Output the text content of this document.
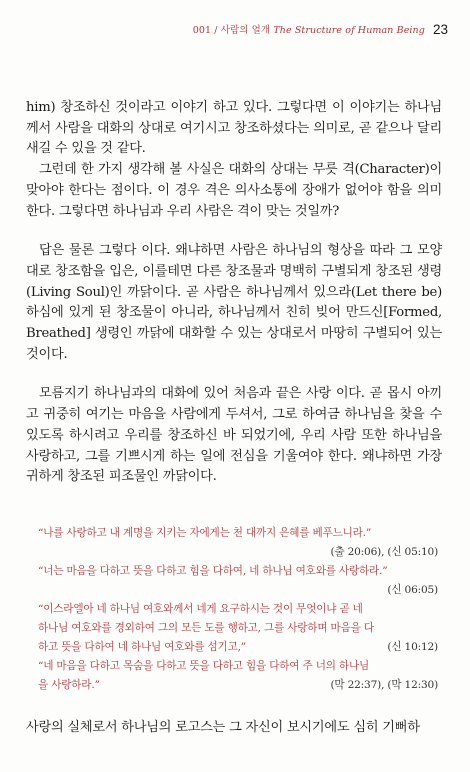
001 / 사람의 얼개 The Structure of Human Being 23

him) 창조하신 것이라고 이야기 하고 있다. 그렇다면 이 이야기는 하나님께서 사람을 대화의 상대로 여기시고 창조하셨다는 의미로, 곧 같으나 달리 새길 수 있을 것 같다.

그런데 한 가지 생각해 볼 사실은 대화의 상대는 무릇 격(Character)이 맞아야 한다는 점이다. 이 경우 격은 의사소통에 장애가 없어야 함을 의미한다. 그렇다면 하나님과 우리 사람은 격이 맞는 것일까?

답은 물론 그렇다 이다. 왜냐하면 사람은 하나님의 형상을 따라 그 모양대로 창조함을 입은, 이를테면 다른 창조물과 명백히 구별되게 창조된 생령(Living Soul)인 까닭이다. 곧 사람은 하나님께서 있으라(Let there be) 하심에 있게 된 창조물이 아니라, 하나님께서 친히 빚어 만드신[Formed, Breathed] 생령인 까닭에 대화할 수 있는 상대로서 마땅히 구별되어 있는 것이다.

모름지기 하나님과의 대화에 있어 처음과 끝은 사랑 이다. 곧 몹시 아끼고 귀중히 여기는 마음을 사람에게 두셔서, 그로 하여금 하나님을 찾을 수 있도록 하시려고 우리를 창조하신 바 되었기에, 우리 사람 또한 하나님을 사랑하고, 그를 기쁘시게 하는 일에 전심을 기울여야 한다. 왜냐하면 가장 귀하게 창조된 피조물인 까닭이다.

“나를 사랑하고 내 계명을 지키는 자에게는 천 대까지 은혜를 베푸느니라.”
(출 20:06), (신 05:10)
“너는 마음을 다하고 뜻을 다하고 힘을 다하여, 네 하나님 여호와를 사랑하라.”
(신 06:05)
“이스라엘아 네 하나님 여호와께서 네게 요구하시는 것이 무엇이냐 곧 네
하나님 여호와를 경외하여 그의 모든 도를 행하고, 그를 사랑하며 마음을 다
하고 뜻을 다하여 네 하나님 여호와를 섬기고,”	(신 10:12)
“네 마음을 다하고 목숨을 다하고 뜻을 다하고 힘을 다하여 주 너의 하나님
을 사랑하라.”	(막 22:37), (막 12:30)
사랑의 실체로서 하나님의 로고스는 그 자신이 보시기에도 심히 기뻐하
